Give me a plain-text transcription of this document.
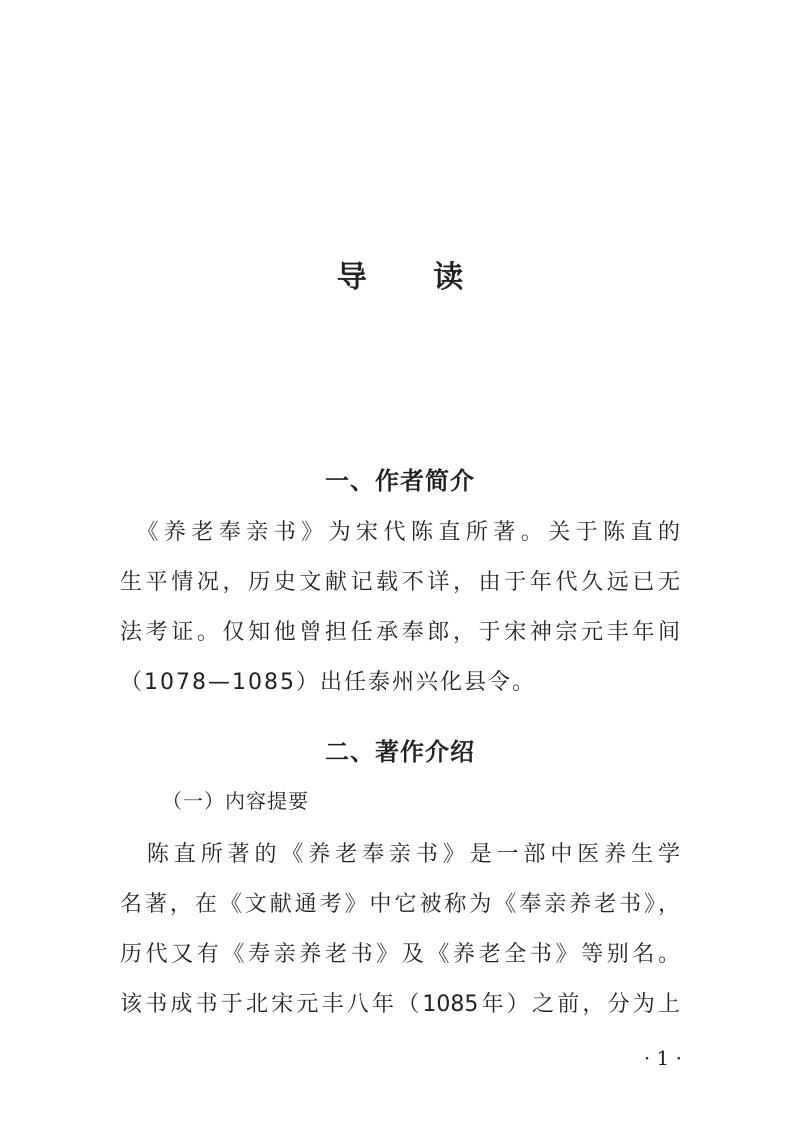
导 读
一、作者简介
　《养老奉亲书》为宋代陈直所著。关于陈直的
生平情况，历史文献记载不详，由于年代久远已无
法考证。仅知他曾担任承奉郎，于宋神宗元丰年间
（1078—1085）出任泰州兴化县令。
二、著作介绍
（一）内容提要
　陈直所著的《养老奉亲书》是一部中医养生学
名著，在《文献通考》中它被称为《奉亲养老书》，
历代又有《寿亲养老书》及《养老全书》等别名。
该书成书于北宋元丰八年（1085年）之前，分为上
· 1 ·
